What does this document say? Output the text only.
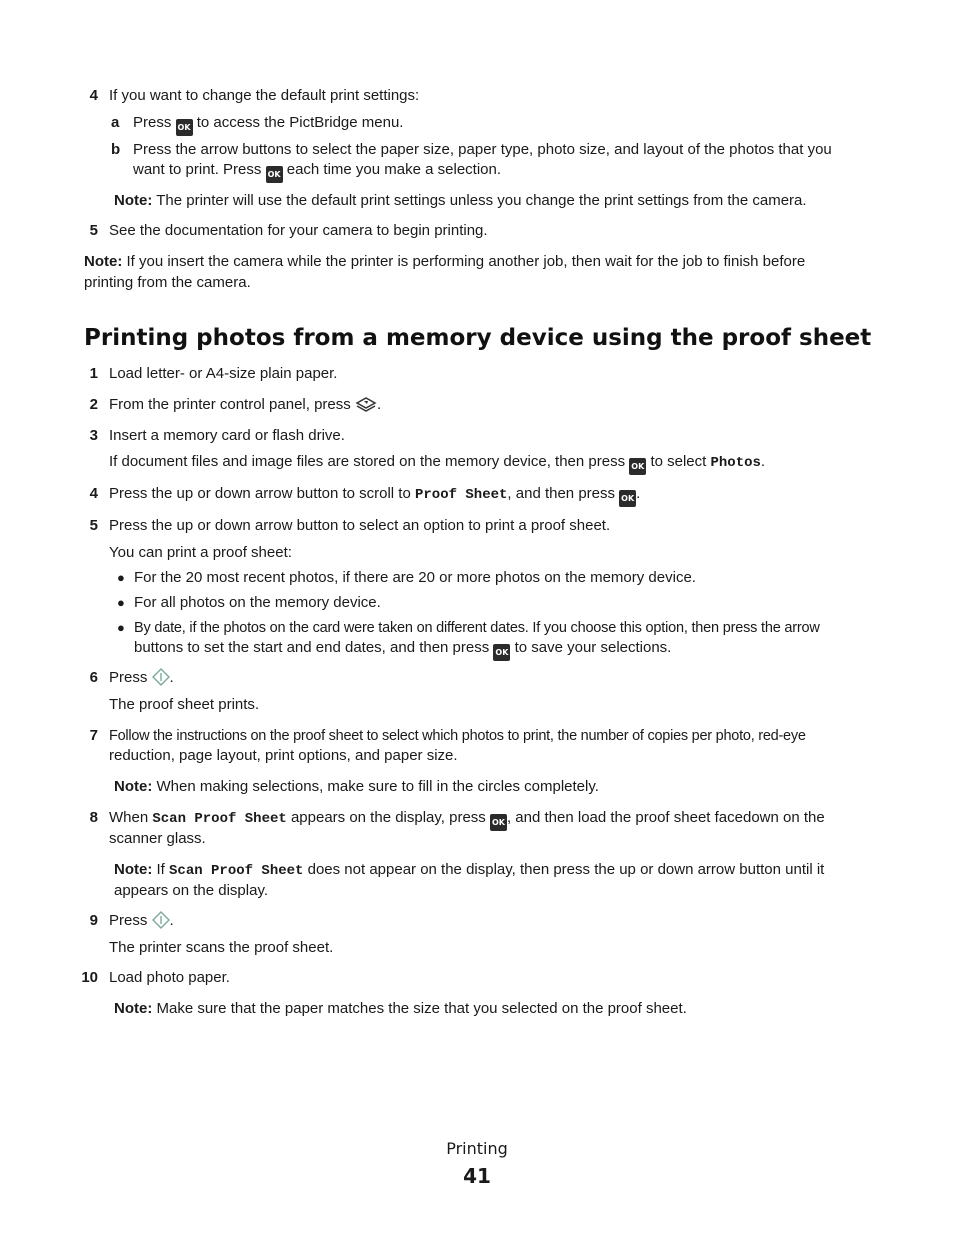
4 If you want to change the default print settings:
a Press OK to access the PictBridge menu.
b Press the arrow buttons to select the paper size, paper type, photo size, and layout of the photos that you
want to print. Press OK each time you make a selection.
Note: The printer will use the default print settings unless you change the print settings from the camera.
5 See the documentation for your camera to begin printing.
Note: If you insert the camera while the printer is performing another job, then wait for the job to finish before
printing from the camera.
Printing photos from a memory device using the proof sheet
1 Load letter- or A4-size plain paper.
2 From the printer control panel, press .
3 Insert a memory card or flash drive.
If document files and image files are stored on the memory device, then press OK to select Photos.
4 Press the up or down arrow button to scroll to Proof Sheet, and then press OK .
5 Press the up or down arrow button to select an option to print a proof sheet.
You can print a proof sheet:
● For the 20 most recent photos, if there are 20 or more photos on the memory device.
● For all photos on the memory device.
● By date, if the photos on the card were taken on different dates. If you choose this option, then press the arrow
buttons to set the start and end dates, and then press OK to save your selections.
6 Press .
The proof sheet prints.
7 Follow the instructions on the proof sheet to select which photos to print, the number of copies per photo, red-eye
reduction, page layout, print options, and paper size.
Note: When making selections, make sure to fill in the circles completely.
8 When Scan Proof Sheet appears on the display, press OK , and then load the proof sheet facedown on the
scanner glass.
Note: If Scan Proof Sheet does not appear on the display, then press the up or down arrow button until it
appears on the display.
9 Press .
The printer scans the proof sheet.
10 Load photo paper.
Note: Make sure that the paper matches the size that you selected on the proof sheet.
Printing
41
